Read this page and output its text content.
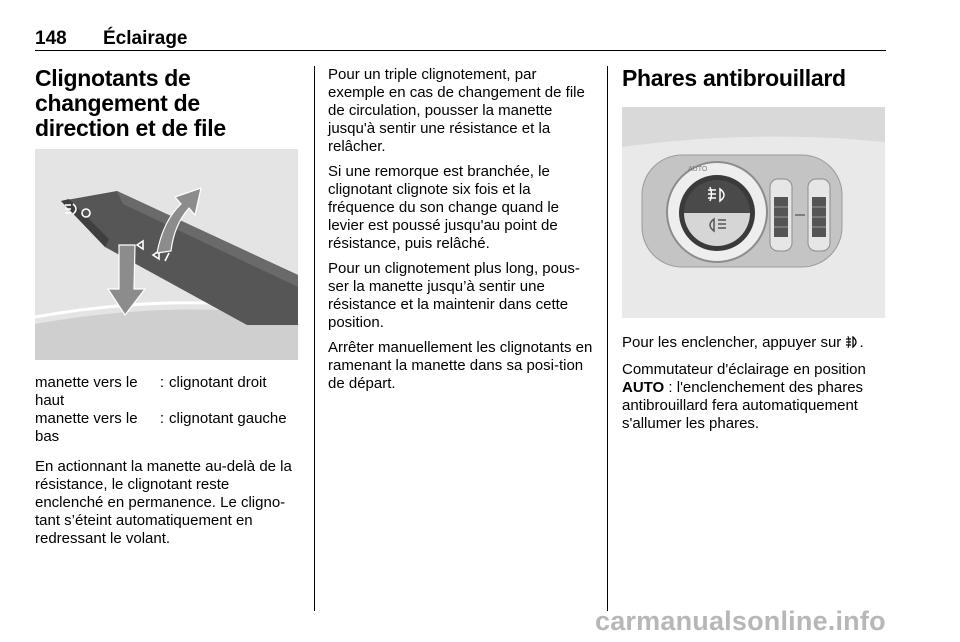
148 Éclairage
Clignotants de changement de direction et de file
manette vers le haut	:	clignotant droit
manette vers le bas	:	clignotant gauche

En actionnant la manette au-delà de la résistance, le clignotant reste enclenché en permanence. Le cligno-tant s’éteint automatiquement en redressant le volant.

Pour un triple clignotement, par exemple en cas de changement de file de circulation, pousser la manette jusqu'à sentir une résistance et la relâcher.

Si une remorque est branchée, le clignotant clignote six fois et la fréquence du son change quand le levier est poussé jusqu'au point de résistance, puis relâché.

Pour un clignotement plus long, pous-ser la manette jusqu’à sentir une résistance et la maintenir dans cette position.

Arrêter manuellement les clignotants en ramenant la manette dans sa posi-tion de départ.

Phares antibrouillard
AUTO

Pour les enclencher, appuyer sur .

Commutateur d'éclairage en position AUTO : l'enclenchement des phares antibrouillard fera automatiquement s'allumer les phares.

carmanualsonline.info
